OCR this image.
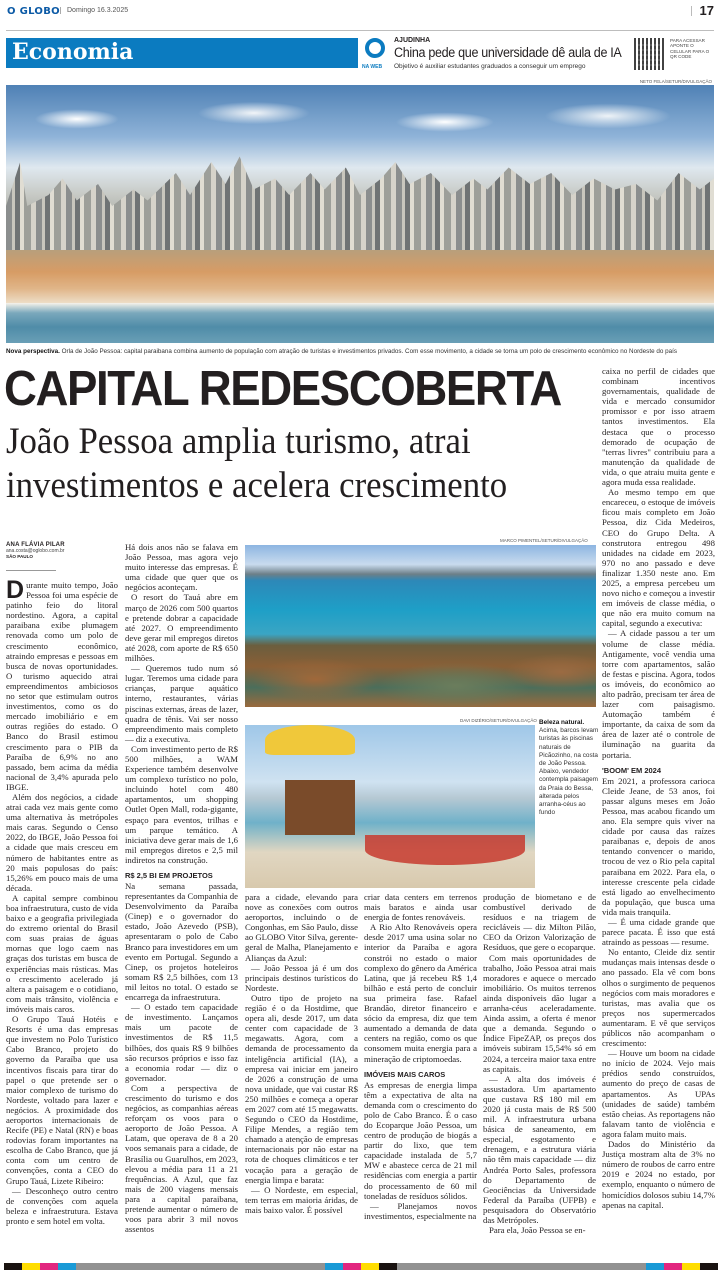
O GLOBO	Domingo 16.3.2025	17
Economia
NA WEB
AJUDINHA
China pede que universidade dê aula de IA
Objetivo é auxiliar estudantes graduados a conseguir um emprego
PARA ACESSAR APONTE O CELULAR PARA O QR CODE
NETO FELA/SETUR/DIVULGAÇÃO
Nova perspectiva. Orla de João Pessoa: capital paraibana combina aumento de população com atração de turistas e investimentos privados. Com esse movimento, a cidade se torna um polo de crescimento econômico no Nordeste do país
CAPITAL REDESCOBERTA
João Pessoa amplia turismo, atrai investimentos e acelera crescimento
ANA FLÁVIA PILAR
ana.costa@oglobo.com.br
SÃO PAULO

Durante muito tempo, João Pessoa foi uma espécie de patinho feio do litoral nordestino. Agora, a capital paraibana exibe plumagem renovada como um polo de crescimento econômico, atraindo empresas e pessoas em busca de novas oportunidades. O turismo aquecido atrai empreendimentos ambiciosos no setor que estimulam outros investimentos, como os do mercado imobiliário e em outras regiões do estado. O Banco do Brasil estimou crescimento para o PIB da Paraíba de 6,9% no ano passado, bem acima da média nacional de 3,4% apurada pelo IBGE.

Além dos negócios, a cidade atrai cada vez mais gente como uma alternativa às metrópoles mais caras. Segundo o Censo 2022, do IBGE, João Pessoa foi a cidade que mais cresceu em número de habitantes entre as 20 mais populosas do país: 15,26% em pouco mais de uma década.

A capital sempre combinou boa infraestrutura, custo de vida baixo e a geografia privilegiada do extremo oriental do Brasil com suas praias de águas mornas que logo caem nas graças dos turistas em busca de experiências mais rústicas. Mas o crescimento acelerado já altera a paisagem e o cotidiano, com mais trânsito, violência e imóveis mais caros.

O Grupo Tauá Hotéis e Resorts é uma das empresas que investem no Polo Turístico Cabo Branco, projeto do governo da Paraíba que usa incentivos fiscais para tirar do papel o que pretende ser o maior complexo de turismo do Nordeste, voltado para lazer e negócios. A proximidade dos aeroportos internacionais de Recife (PE) e Natal (RN) e boas rodovias foram importantes na escolha de Cabo Branco, que já conta com um centro de convenções, conta a CEO do Grupo Tauá, Lizete Ribeiro:

— Desconheço outro centro de convenções com aquela beleza e infraestrutura. Estava pronto e sem hotel em volta.

Há dois anos não se falava em João Pessoa, mas agora vejo muito interesse das empresas. É uma cidade que quer que os negócios aconteçam.

O resort do Tauá abre em março de 2026 com 500 quartos e pretende dobrar a capacidade até 2027. O empreendimento deve gerar mil empregos diretos até 2028, com aporte de R$ 650 milhões.

— Queremos tudo num só lugar. Teremos uma cidade para crianças, parque aquático interno, restaurantes, várias piscinas externas, áreas de lazer, quadra de tênis. Vai ser nosso empreendimento mais completo — diz a executiva.

Com investimento perto de R$ 500 milhões, a WAM Experience também desenvolve um complexo turístico no polo, incluindo hotel com 480 apartamentos, um shopping Outlet Open Mall, roda-gigante, espaço para eventos, trilhas e um parque temático. A iniciativa deve gerar mais de 1,6 mil empregos diretos e 2,5 mil indiretos na construção.

R$ 2,5 BI EM PROJETOS

Na semana passada, representantes da Companhia de Desenvolvimento da Paraíba (Cinep) e o governador do estado, João Azevedo (PSB), apresentaram o polo de Cabo Branco para investidores em um evento em Portugal. Segundo a Cinep, os projetos hoteleiros somam R$ 2,5 bilhões, com 13 mil leitos no total. O estado se encarrega da infraestrutura.

— O estado tem capacidade de investimento. Lançamos mais um pacote de investimentos de R$ 11,5 bilhões, dos quais R$ 9 bilhões são recursos próprios e isso faz a economia rodar — diz o governador.

Com a perspectiva de crescimento do turismo e dos negócios, as companhias aéreas reforçam os voos para o aeroporto de João Pessoa. A Latam, que operava de 8 a 20 voos semanais para a cidade, de Brasília ou Guarulhos, em 2023, elevou a média para 11 a 21 frequências. A Azul, que faz mais de 200 viagens mensais para a capital paraibana, pretende aumentar o número de voos para abrir 3 mil novos assentos

para a cidade, elevando para nove as conexões com outros aeroportos, incluindo o de Congonhas, em São Paulo, disse ao GLOBO Vitor Silva, gerente-geral de Malha, Planejamento e Alianças da Azul:

— João Pessoa já é um dos principais destinos turísticos do Nordeste.

Outro tipo de projeto na região é o da Hostdime, que opera ali, desde 2017, um data center com capacidade de 3 megawatts. Agora, com a demanda de processamento da inteligência artificial (IA), a empresa vai iniciar em janeiro de 2026 a construção de uma nova unidade, que vai custar R$ 250 milhões e começa a operar em 2027 com até 15 megawatts. Segundo o CEO da Hostdime, Filipe Mendes, a região tem chamado a atenção de empresas internacionais por não estar na rota de choques climáticos e ter vocação para a geração de energia limpa e barata:

— O Nordeste, em especial, tem terras em maioria áridas, de mais baixo valor. É possível

criar data centers em terrenos mais baratos e ainda usar energia de fontes renováveis.

A Rio Alto Renováveis opera desde 2017 uma usina solar no interior da Paraíba e agora constrói no estado o maior complexo do gênero da América Latina, que já recebeu R$ 1,4 bilhão e está perto de concluir sua primeira fase. Rafael Brandão, diretor financeiro e sócio da empresa, diz que tem aumentado a demanda de data centers na região, como os que consomem muita energia para a mineração de criptomoedas.

IMÓVEIS MAIS CAROS

As empresas de energia limpa têm a expectativa de alta na demanda com o crescimento do polo de Cabo Branco. É o caso do Ecoparque João Pessoa, um centro de produção de biogás a partir do lixo, que tem capacidade instalada de 5,7 MW e abastece cerca de 21 mil residências com energia a partir do processamento de 60 mil toneladas de resíduos sólidos.

— Planejamos novos investimentos, especialmente na

produção de biometano e de combustível derivado de resíduos e na triagem de recicláveis — diz Milton Pilão, CEO da Orizon Valorização de Resíduos, que gere o ecoparque.

Com mais oportunidades de trabalho, João Pessoa atrai mais moradores e aquece o mercado imobiliário. Os muitos terrenos ainda disponíveis dão lugar a arranha-céus aceleradamente. Ainda assim, a oferta é menor que a demanda. Segundo o Índice FipeZAP, os preços dos imóveis subiram 15,54% só em 2024, a terceira maior taxa entre as capitais.

— A alta dos imóveis é assustadora. Um apartamento que custava R$ 180 mil em 2020 já custa mais de R$ 500 mil. A infraestrutura urbana básica de saneamento, em especial, esgotamento e drenagem, e a estrutura viária não têm mais capacidade — diz Andréa Porto Sales, professora do Departamento de Geociências da Universidade Federal da Paraíba (UFPB) e pesquisadora do Observatório das Metrópoles.

Para ela, João Pessoa se en-

caixa no perfil de cidades que combinam incentivos governamentais, qualidade de vida e mercado consumidor promissor e por isso atraem tantos investimentos. Ela destaca que o processo demorado de ocupação de "terras livres" contribuiu para a manutenção da qualidade de vida, o que atraiu muita gente e agora muda essa realidade.

Ao mesmo tempo em que encareceu, o estoque de imóveis ficou mais completo em João Pessoa, diz Cida Medeiros, CEO do Grupo Delta. A construtora entregou 498 unidades na cidade em 2023, 970 no ano passado e deve finalizar 1.350 neste ano. Em 2025, a empresa percebeu um novo nicho e começou a investir em imóveis de classe média, o que não era muito comum na capital, segundo a executiva:

— A cidade passou a ter um volume de classe média. Antigamente, você vendia uma torre com apartamentos, salão de festas e piscina. Agora, todos os imóveis, do econômico ao alto padrão, precisam ter área de lazer com paisagismo. Automação também é importante, da caixa de som da área de lazer até o controle de iluminação na guarita da portaria.

'BOOM' EM 2024

Em 2021, a professora carioca Cleide Jeane, de 53 anos, foi passar alguns meses em João Pessoa, mas acabou ficando um ano. Ela sempre quis viver na cidade por causa das raízes paraibanas e, depois de anos tentando convencer o marido, trocou de vez o Rio pela capital paraibana em 2022. Para ela, o interesse crescente pela cidade está ligado ao envelhecimento da população, que busca uma vida mais tranquila.

— É uma cidade grande que parece pacata. É isso que está atraindo as pessoas — resume.

No entanto, Cleide diz sentir mudanças mais intensas desde o ano passado. Ela vê com bons olhos o surgimento de pequenos negócios com mais moradores e turistas, mas avalia que os preços nos supermercados aumentaram. E vê que serviços públicos não acompanham o crescimento:

— Houve um boom na cidade no início de 2024. Vejo mais prédios sendo construídos, aumento do preço de casas de apartamentos. As UPAs (unidades de saúde) também estão cheias. As reportagens não falavam tanto de violência e agora falam muito mais.

Dados do Ministério da Justiça mostram alta de 3% no número de roubos de carro entre 2019 e 2024 no estado, por exemplo, enquanto o número de homicídios dolosos subiu 14,7% apenas na capital.

MARCO PIMENTEL/SETUR/DIVULGAÇÃO
DAVI DIZÉRIO/SETUR/DIVULGAÇÃO Beleza natural. Acima, barcos levam turistas às piscinas naturais de Picãozinho, na costa de João Pessoa. Abaixo, vendedor contempla paisagem da Praia do Bessa, alterada pelos arranha-céus ao fundo
